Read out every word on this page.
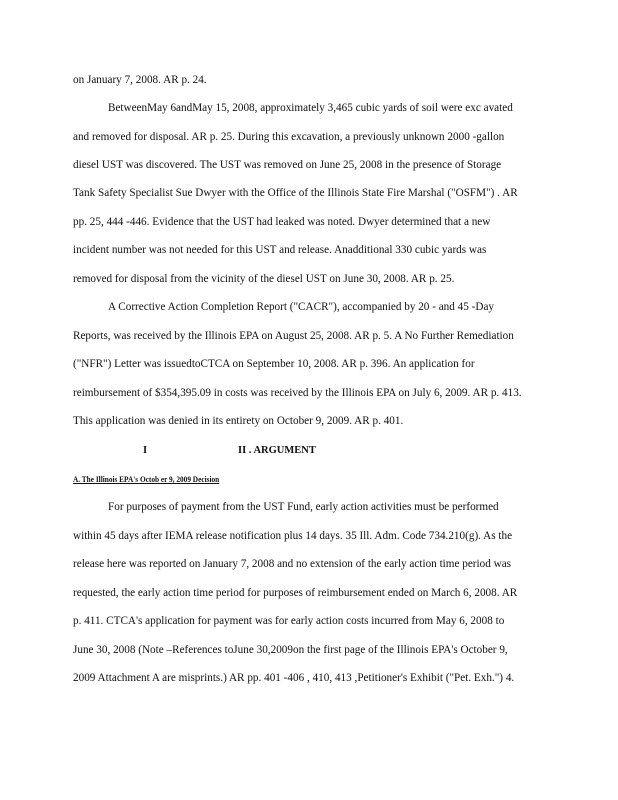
on January 7, 2008. AR p. 24.
BetweenMay 6andMay 15, 2008, approximately 3,465 cubic yards of soil were exc avated
and removed for disposal. AR p. 25. During this excavation, a previously unknown 2000 -gallon
diesel UST was discovered. The UST was removed on June 25, 2008 in the presence of Storage
Tank Safety Specialist Sue Dwyer with the Office of the Illinois State Fire Marshal ("OSFM") . AR
pp. 25, 444 -446. Evidence that the UST had leaked was noted. Dwyer determined that a new
incident number was not needed for this UST and release. Anadditional 330 cubic yards was
removed for disposal from the vicinity of the diesel UST on June 30, 2008. AR p. 25.
A Corrective Action Completion Report ("CACR"), accompanied by 20 - and 45 -Day
Reports, was received by the Illinois EPA on August 25, 2008. AR p. 5. A No Further Remediation
("NFR") Letter was issuedtoCTCA on September 10, 2008. AR p. 396. An application for
reimbursement of $354,395.09 in costs was received by the Illinois EPA on July 6, 2009. AR p. 413.
This application was denied in its entirety on October 9, 2009. AR p. 401.
I	II . ARGUMENT
A. The Illinois EPA's Octob er 9, 2009 Decision
For purposes of payment from the UST Fund, early action activities must be performed
within 45 days after IEMA release notification plus 14 days. 35 Ill. Adm. Code 734.210(g). As the
release here was reported on January 7, 2008 and no extension of the early action time period was
requested, the early action time period for purposes of reimbursement ended on March 6, 2008. AR
p. 411. CTCA's application for payment was for early action costs incurred from May 6, 2008 to
June 30, 2008 (Note –References toJune 30,2009on the first page of the Illinois EPA's October 9,
2009 Attachment A are misprints.) AR pp. 401 -406 , 410, 413 ,Petitioner's Exhibit ("Pet. Exh.") 4.
